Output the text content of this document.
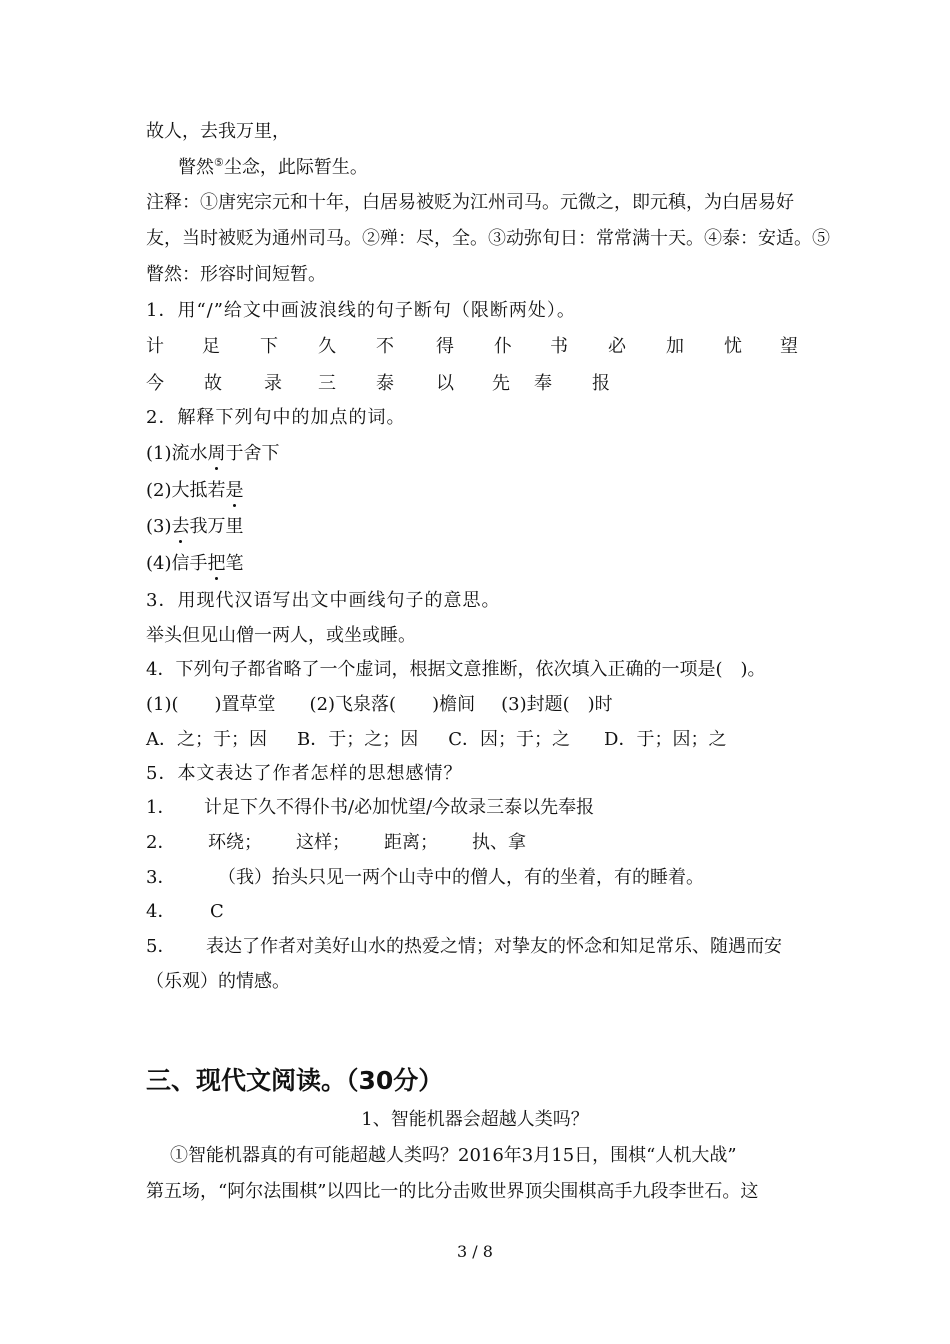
故人，去我万里，
瞥然⑤尘念，此际暂生。
注释：①唐宪宗元和十年，白居易被贬为江州司马。元微之，即元稹，为白居易好
友，当时被贬为通州司马。②殚：尽，全。③动弥旬日：常常满十天。④泰：安适。⑤
瞥然：形容时间短暂。
1．用“/”给文中画波浪线的句子断句（限断两处）。
计 足 下 久 不 得 仆 书 必 加 忧 望
今 故 录 三 泰 以 先 奉 报
2．解释下列句中的加点的词。
(1)流水周于舍下
(2)大抵若是
(3)去我万里
(4)信手把笔
3．用现代汉语写出文中画线句子的意思。
举头但见山僧一两人，或坐或睡。
4．下列句子都省略了一个虚词，根据文意推断，依次填入正确的一项是(　)。
(1)(　　)置草堂 (2)飞泉落(　　)檐间 (3)封题(　)时
A．之；于；因 B．于；之；因 C．因；于；之 D．于；因；之
5．本文表达了作者怎样的思想感情？
1． 计足下久不得仆书/必加忧望/今故录三泰以先奉报
2． 环绕； 这样； 距离； 执、拿
3． （我）抬头只见一两个山寺中的僧人，有的坐着，有的睡着。
4． C
5． 表达了作者对美好山水的热爱之情；对挚友的怀念和知足常乐、随遇而安
（乐观）的情感。
三、现代文阅读。（30分）
1、智能机器会超越人类吗？
①智能机器真的有可能超越人类吗？2016年3月15日，围棋“人机大战”
第五场，“阿尔法围棋”以四比一的比分击败世界顶尖围棋高手九段李世石。这
3 / 8
